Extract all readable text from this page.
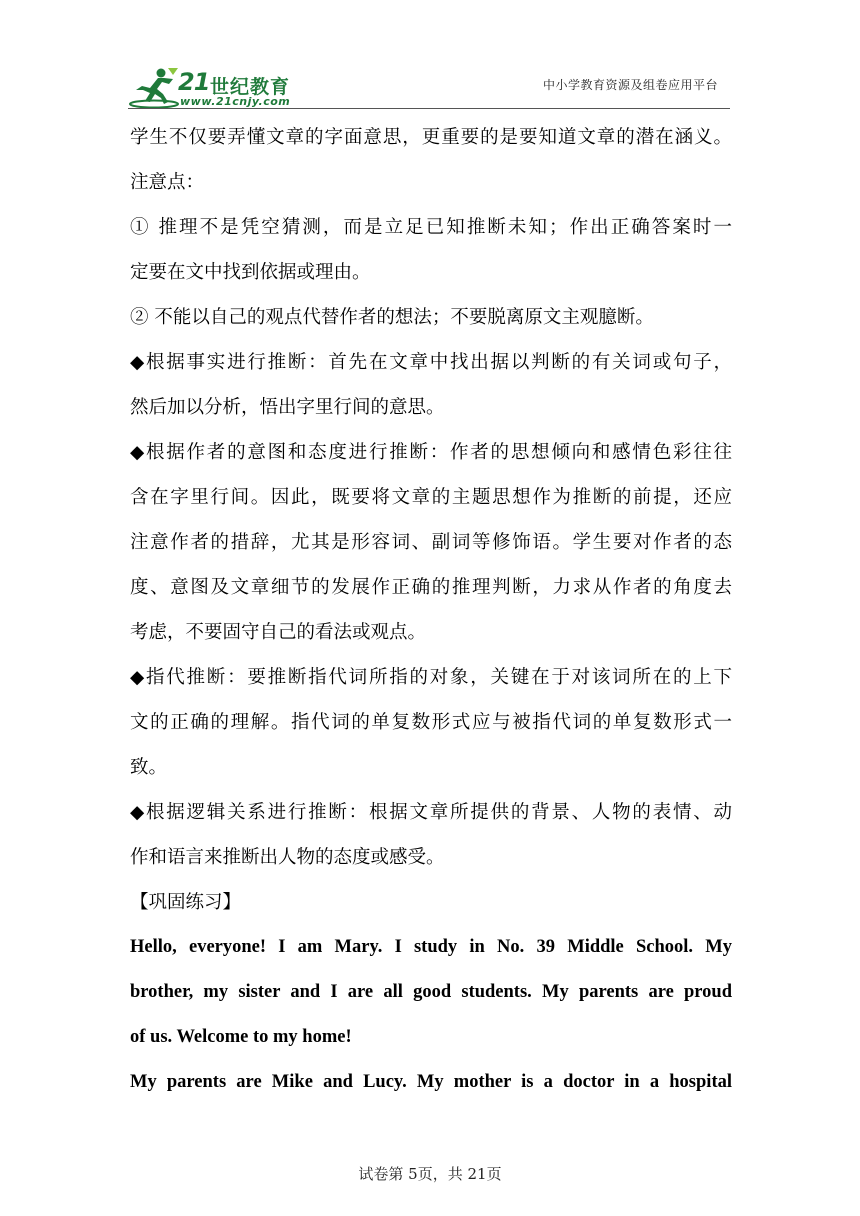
21 世纪教育
www.21cnjy.com
中小学教育资源及组卷应用平台
学生不仅要弄懂文章的字面意思，更重要的是要知道文章的潜在涵义。
注意点：
① 推理不是凭空猜测，而是立足已知推断未知；作出正确答案时一
定要在文中找到依据或理由。
② 不能以自己的观点代替作者的想法；不要脱离原文主观臆断。
◆根据事实进行推断：首先在文章中找出据以判断的有关词或句子，
然后加以分析，悟出字里行间的意思。
◆根据作者的意图和态度进行推断：作者的思想倾向和感情色彩往往
含在字里行间。因此，既要将文章的主题思想作为推断的前提，还应
注意作者的措辞，尤其是形容词、副词等修饰语。学生要对作者的态
度、意图及文章细节的发展作正确的推理判断，力求从作者的角度去
考虑，不要固守自己的看法或观点。
◆指代推断：要推断指代词所指的对象，关键在于对该词所在的上下
文的正确的理解。指代词的单复数形式应与被指代词的单复数形式一
致。
◆根据逻辑关系进行推断：根据文章所提供的背景、人物的表情、动
作和语言来推断出人物的态度或感受。
【巩固练习】
Hello, everyone! I am Mary. I study in No. 39 Middle School. My
brother, my sister and I are all good students. My parents are proud
of us. Welcome to my home!
My parents are Mike and Lucy. My mother is a doctor in a hospital
试卷第 5页，共 21页
